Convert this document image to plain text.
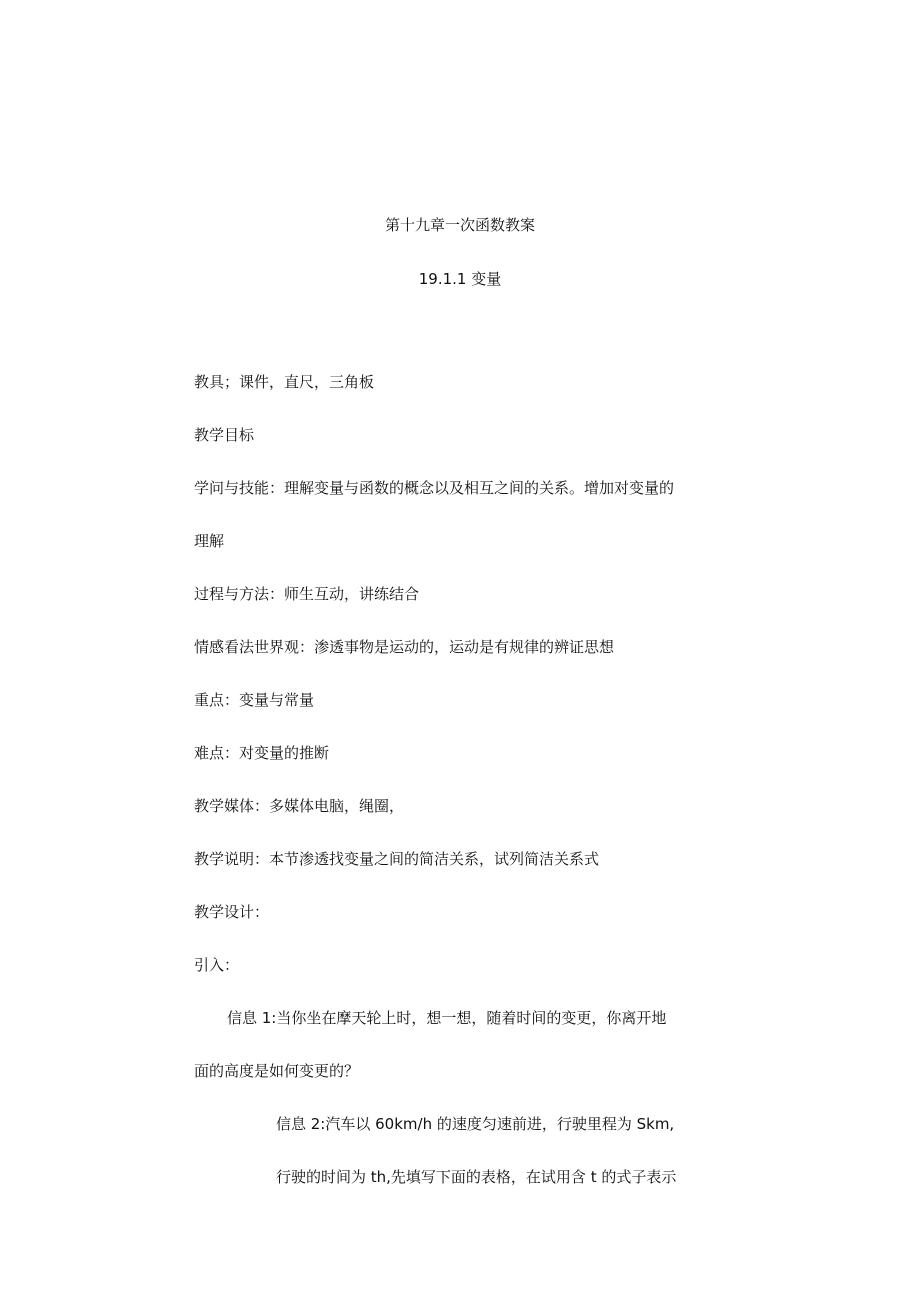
第十九章一次函数教案
19.1.1 变量
教具；课件，直尺，三角板
教学目标
学问与技能：理解变量与函数的概念以及相互之间的关系。增加对变量的
理解
过程与方法：师生互动，讲练结合
情感看法世界观：渗透事物是运动的，运动是有规律的辨证思想
重点：变量与常量
难点：对变量的推断
教学媒体：多媒体电脑，绳圈，
教学说明：本节渗透找变量之间的简洁关系，试列简洁关系式
教学设计：
引入：
信息 1:当你坐在摩天轮上时，想一想，随着时间的变更，你离开地
面的高度是如何变更的？
信息 2:汽车以 60km/h 的速度匀速前进，行驶里程为 Skm,
行驶的时间为 th,先填写下面的表格，在试用含 t 的式子表示
